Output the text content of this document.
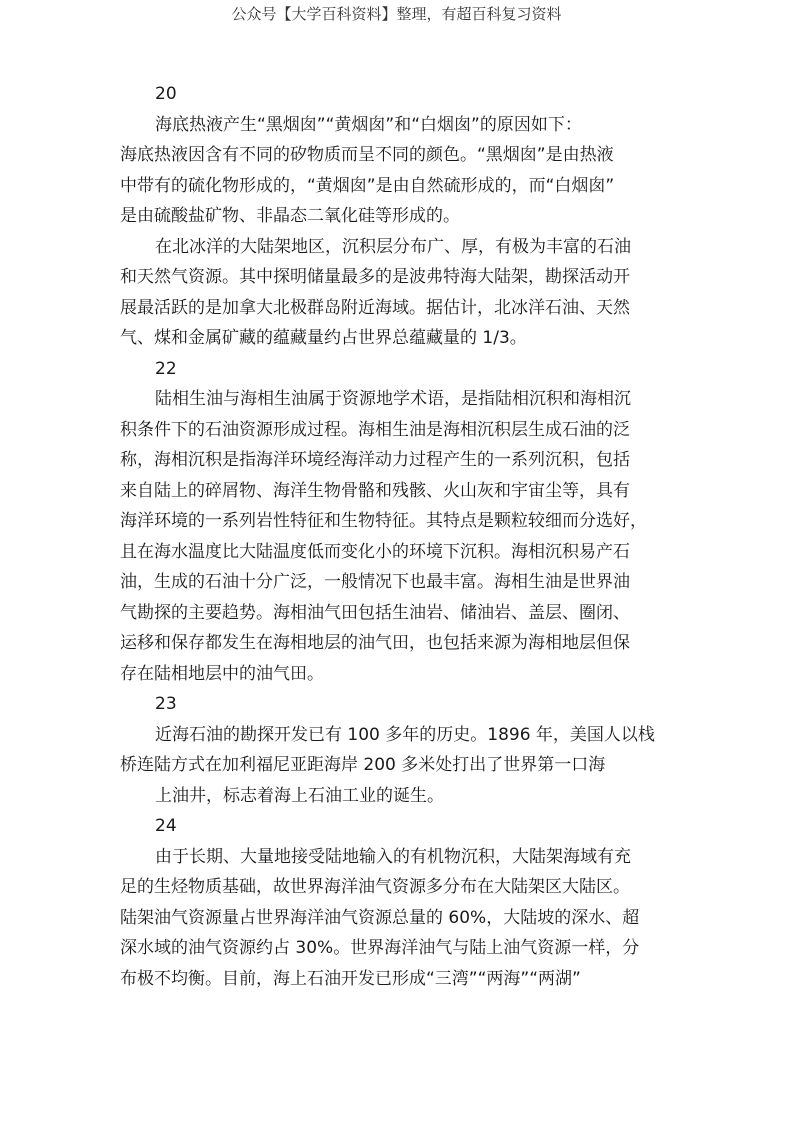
公众号【大学百科资料】整理，有超百科复习资料
20
海底热液产生“黑烟囱”“黄烟囱”和“白烟囱”的原因如下：
海底热液因含有不同的矽物质而呈不同的颜色。“黑烟囱”是由热液
中带有的硫化物形成的，“黄烟囱”是由自然硫形成的，而“白烟囱”
是由硫酸盐矿物、非晶态二氧化硅等形成的。
在北冰洋的大陆架地区，沉积层分布广、厚，有极为丰富的石油
和天然气资源。其中探明储量最多的是波弗特海大陆架，勘探活动开
展最活跃的是加拿大北极群岛附近海域。据估计，北冰洋石油、天然
气、煤和金属矿藏的蕴藏量约占世界总蕴藏量的 1/3。
22
陆相生油与海相生油属于资源地学术语，是指陆相沉积和海相沉
积条件下的石油资源形成过程。海相生油是海相沉积层生成石油的泛
称，海相沉积是指海洋环境经海洋动力过程产生的一系列沉积，包括
来自陆上的碎屑物、海洋生物骨骼和残骸、火山灰和宇宙尘等，具有
海洋环境的一系列岩性特征和生物特征。其特点是颗粒较细而分选好，
且在海水温度比大陆温度低而变化小的环境下沉积。海相沉积易产石
油，生成的石油十分广泛，一般情况下也最丰富。海相生油是世界油
气勘探的主要趋势。海相油气田包括生油岩、储油岩、盖层、圈闭、
运移和保存都发生在海相地层的油气田，也包括来源为海相地层但保
存在陆相地层中的油气田。
23
近海石油的勘探开发已有 100 多年的历史。1896 年，美国人以栈
桥连陆方式在加利福尼亚距海岸 200 多米处打出了世界第一口海
上油井，标志着海上石油工业的诞生。
24
由于长期、大量地接受陆地输入的有机物沉积，大陆架海域有充
足的生烃物质基础，故世界海洋油气资源多分布在大陆架区大陆区。
陆架油气资源量占世界海洋油气资源总量的 60%，大陆坡的深水、超
深水域的油气资源约占 30%。世界海洋油气与陆上油气资源一样，分
布极不均衡。目前，海上石油开发已形成“三湾”“两海”“两湖”
